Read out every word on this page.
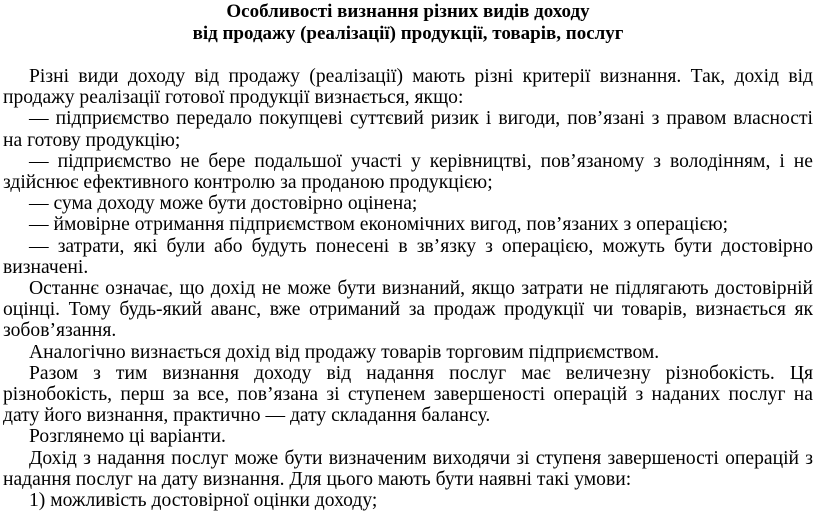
Особливості визнання різних видів доходу
від продажу (реалізації) продукції, товарів, послуг

Різні види доходу від продажу (реалізації) мають різні критерії визнання. Так, дохід від продажу реалізації готової продукції визнається, якщо:

— підприємство передало покупцеві суттєвий ризик і вигоди, пов’язані з правом власності на готову продукцію;

— підприємство не бере подальшої участі у керівництві, пов’язаному з володінням, і не здійснює ефективного контролю за проданою продукцією;

— сума доходу може бути достовірно оцінена;

— ймовірне отримання підприємством економічних вигод, пов’язаних з операцією;

— затрати, які були або будуть понесені в зв’язку з операцією, можуть бути достовірно визначені.

Останнє означає, що дохід не може бути визнаний, якщо затрати не підлягають достовірній оцінці. Тому будь-який аванс, вже отриманий за продаж продукції чи товарів, визнається як зобов’язання.

Аналогічно визнається дохід від продажу товарів торговим підприємством.

Разом з тим визнання доходу від надання послуг має величезну різнобокість. Ця різнобокість, перш за все, пов’язана зі ступенем завершеності операцій з наданих послуг на дату його визнання, практично — дату складання балансу.

Розглянемо ці варіанти.

Дохід з надання послуг може бути визначеним виходячи зі ступеня завершеності операцій з надання послуг на дату визнання. Для цього мають бути наявні такі умови:

1) можливість достовірної оцінки доходу;
